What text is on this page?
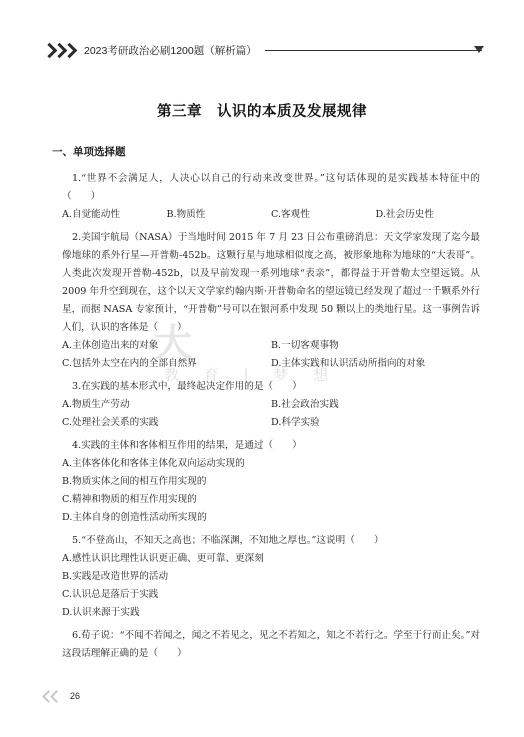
2023考研政治必刷1200题（解析篇）
第三章　认识的本质及发展规律
一、单项选择题
大
教 育 | 梦 想

1.“世界不会满足人，人决心以自己的行动来改变世界。”这句话体现的是实践基本特征中的（　　）

A.自觉能动性	B.物质性	C.客观性	D.社会历史性

2.美国宇航局（NASA）于当地时间 2015 年 7 月 23 日公布重磅消息：天文学家发现了迄今最像地球的系外行星—开普勒-452b。这颗行星与地球相似度之高，被形象地称为地球的“大表哥”。人类此次发现开普勒-452b，以及早前发现一系列地球“表亲”，都得益于开普勒太空望远镜。从 2009 年升空到现在，这个以天文学家约翰内斯·开普勒命名的望远镜已经发现了超过一千颗系外行星，而据 NASA 专家预计，“开普勒”号可以在银河系中发现 50 颗以上的类地行星。这一事例告诉人们，认识的客体是（　　）

A.主体创造出来的对象	B.一切客观事物
C.包括外太空在内的全部自然界	D.主体实践和认识活动所指向的对象

3.在实践的基本形式中，最终起决定作用的是（　　）

A.物质生产劳动	B.社会政治实践
C.处理社会关系的实践	D.科学实验

4.实践的主体和客体相互作用的结果，是通过（　　）

A.主体客体化和客体主体化双向运动实现的

B.物质实体之间的相互作用实现的

C.精神和物质的相互作用实现的

D.主体自身的创造性活动所实现的

5.“不登高山，不知天之高也；不临深渊，不知地之厚也。”这说明（　　）

A.感性认识比理性认识更正确、更可靠、更深刻

B.实践是改造世界的活动

C.认识总是落后于实践

D.认识来源于实践

6.荀子说：“不闻不若闻之，闻之不若见之，见之不若知之，知之不若行之。学至于行而止矣。”对这段话理解正确的是（　　）

26
